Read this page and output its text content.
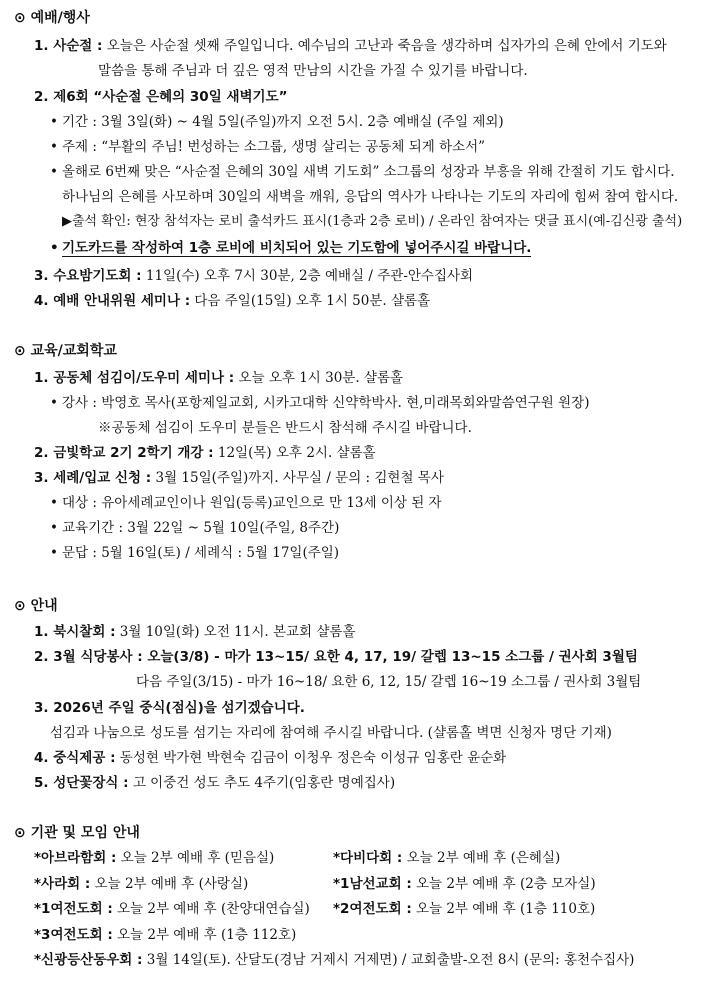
⊙ 예배/행사
1. 사순절 : 오늘은 사순절 셋째 주일입니다. 예수님의 고난과 죽음을 생각하며 십자가의 은혜 안에서 기도와
말씀을 통해 주님과 더 깊은 영적 만남의 시간을 가질 수 있기를 바랍니다.
2. 제6회 “사순절 은혜의 30일 새벽기도”
• 기간 : 3월 3일(화) ~ 4월 5일(주일)까지 오전 5시. 2층 예배실 (주일 제외)
• 주제 : “부활의 주님! 번성하는 소그룹, 생명 살리는 공동체 되게 하소서”
• 올해로 6번째 맞은 “사순절 은혜의 30일 새벽 기도회” 소그룹의 성장과 부흥을 위해 간절히 기도 합시다.
하나님의 은혜를 사모하며 30일의 새벽을 깨워, 응답의 역사가 나타나는 기도의 자리에 힘써 참여 합시다.
▶출석 확인: 현장 참석자는 로비 출석카드 표시(1층과 2층 로비) / 온라인 참여자는 댓글 표시(예-김신광 출석)
• 기도카드를 작성하여 1층 로비에 비치되어 있는 기도함에 넣어주시길 바랍니다.
3. 수요밤기도회 : 11일(수) 오후 7시 30분, 2층 예배실 / 주관-안수집사회
4. 예배 안내위원 세미나 : 다음 주일(15일) 오후 1시 50분. 샬롬홀
⊙ 교육/교회학교
1. 공동체 섬김이/도우미 세미나 : 오늘 오후 1시 30분. 샬롬홀
• 강사 : 박영호 목사(포항제일교회, 시카고대학 신약학박사. 현,미래목회와말씀연구원 원장)
※공동체 섬김이 도우미 분들은 반드시 참석해 주시길 바랍니다.
2. 금빛학교 2기 2학기 개강 : 12일(목) 오후 2시. 샬롬홀
3. 세례/입교 신청 : 3월 15일(주일)까지. 사무실 / 문의 : 김현철 목사
• 대상 : 유아세례교인이나 원입(등록)교인으로 만 13세 이상 된 자
• 교육기간 : 3월 22일 ~ 5월 10일(주일, 8주간)
• 문답 : 5월 16일(토) / 세례식 : 5월 17일(주일)
⊙ 안내
1. 북시찰회 : 3월 10일(화) 오전 11시. 본교회 샬롬홀
2. 3월 식당봉사 : 오늘(3/8) - 마가 13~15/ 요한 4, 17, 19/ 갈렙 13~15 소그룹 / 권사회 3월팀
다음 주일(3/15) - 마가 16~18/ 요한 6, 12, 15/ 갈렙 16~19 소그룹 / 권사회 3월팀
3. 2026년 주일 중식(점심)을 섬기겠습니다.
섬김과 나눔으로 성도를 섬기는 자리에 참여해 주시길 바랍니다. (샬롬홀 벽면 신청자 명단 기재)
4. 중식제공 : 동성현 박가현 박현숙 김금이 이청우 정은숙 이성규 임홍란 윤순화
5. 성단꽃장식 : 고 이중건 성도 추도 4주기(임홍란 명예집사)
⊙ 기관 및 모임 안내
*아브라함회 : 오늘 2부 예배 후 (믿음실)	*다비다회 : 오늘 2부 예배 후 (은혜실)
*사라회 : 오늘 2부 예배 후 (사랑실)	*1남선교회 : 오늘 2부 예배 후 (2층 모자실)
*1여전도회 : 오늘 2부 예배 후 (찬양대연습실) *2여전도회 : 오늘 2부 예배 후 (1층 110호)
*3여전도회 : 오늘 2부 예배 후 (1층 112호)
*신광등산동우회 : 3월 14일(토). 산달도(경남 거제시 거제면) / 교회출발-오전 8시 (문의: 홍천수집사)
